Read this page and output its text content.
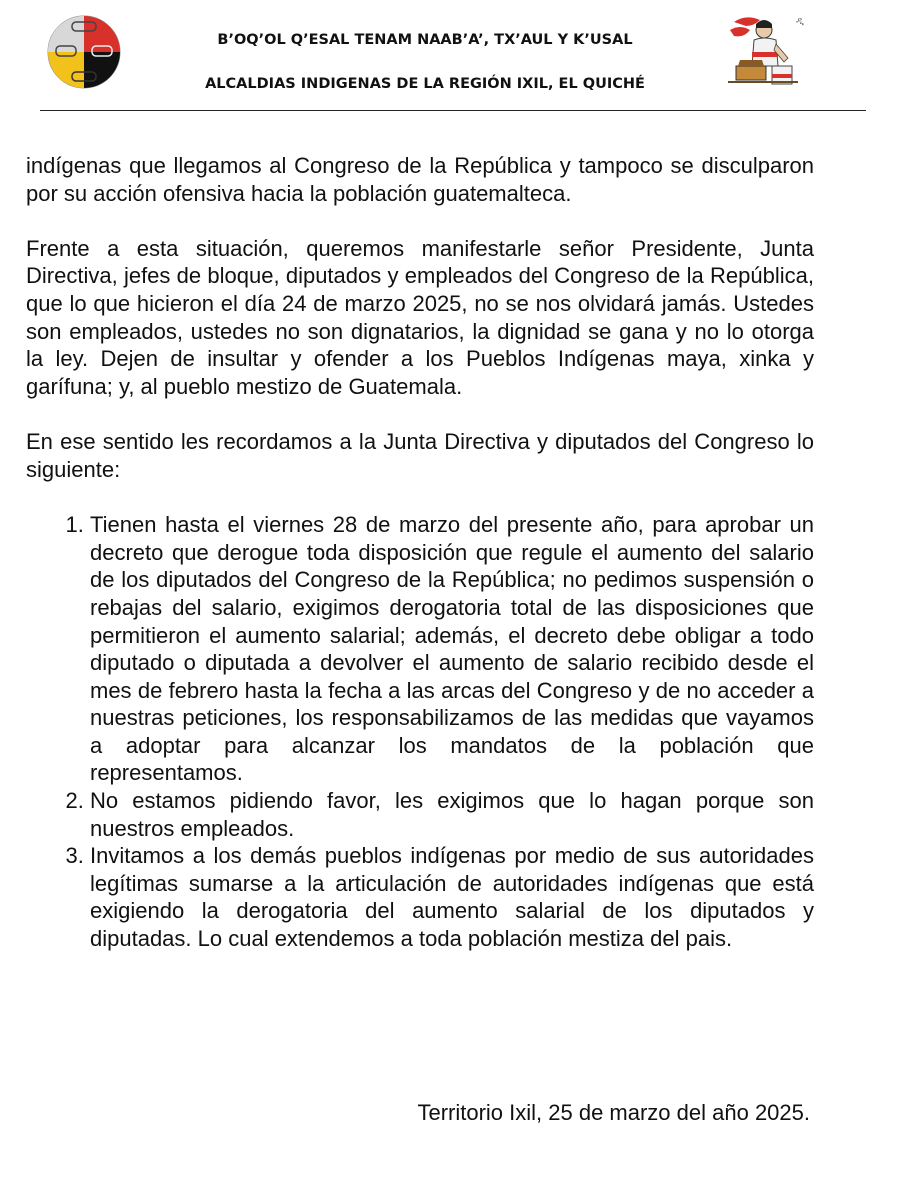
B’OQ’OL Q’ESAL TENAM NAAB’A’, TX’AUL Y K’USAL
ALCALDIAS INDIGENAS DE LA REGIÓN IXIL, EL QUICHÉ
ዲ

indígenas que llegamos al Congreso de la República y tampoco se disculparon por su acción ofensiva hacia la población guatemalteca.

Frente a esta situación, queremos manifestarle señor Presidente, Junta Directiva, jefes de bloque, diputados y empleados del Congreso de la República, que lo que hicieron el día 24 de marzo 2025, no se nos olvidará jamás. Ustedes son empleados, ustedes no son dignatarios, la dignidad se gana y no lo otorga la ley. Dejen de insultar y ofender a los Pueblos Indígenas maya, xinka y garífuna; y, al pueblo mestizo de Guatemala.

En ese sentido les recordamos a la Junta Directiva y diputados del Congreso lo siguiente:

1. Tienen hasta el viernes 28 de marzo del presente año, para aprobar un decreto que derogue toda disposición que regule el aumento del salario de los diputados del Congreso de la República; no pedimos suspensión o rebajas del salario, exigimos derogatoria total de las disposiciones que permitieron el aumento salarial; además, el decreto debe obligar a todo diputado o diputada a devolver el aumento de salario recibido desde el mes de febrero hasta la fecha a las arcas del Congreso y de no acceder a nuestras peticiones, los responsabilizamos de las medidas que vayamos a adoptar para alcanzar los mandatos de la población que representamos.
2. No estamos pidiendo favor, les exigimos que lo hagan porque son nuestros empleados.
3. Invitamos a los demás pueblos indígenas por medio de sus autoridades legítimas sumarse a la articulación de autoridades indígenas que está exigiendo la derogatoria del aumento salarial de los diputados y diputadas. Lo cual extendemos a toda población mestiza del pais.
Territorio Ixil, 25 de marzo del año 2025.
